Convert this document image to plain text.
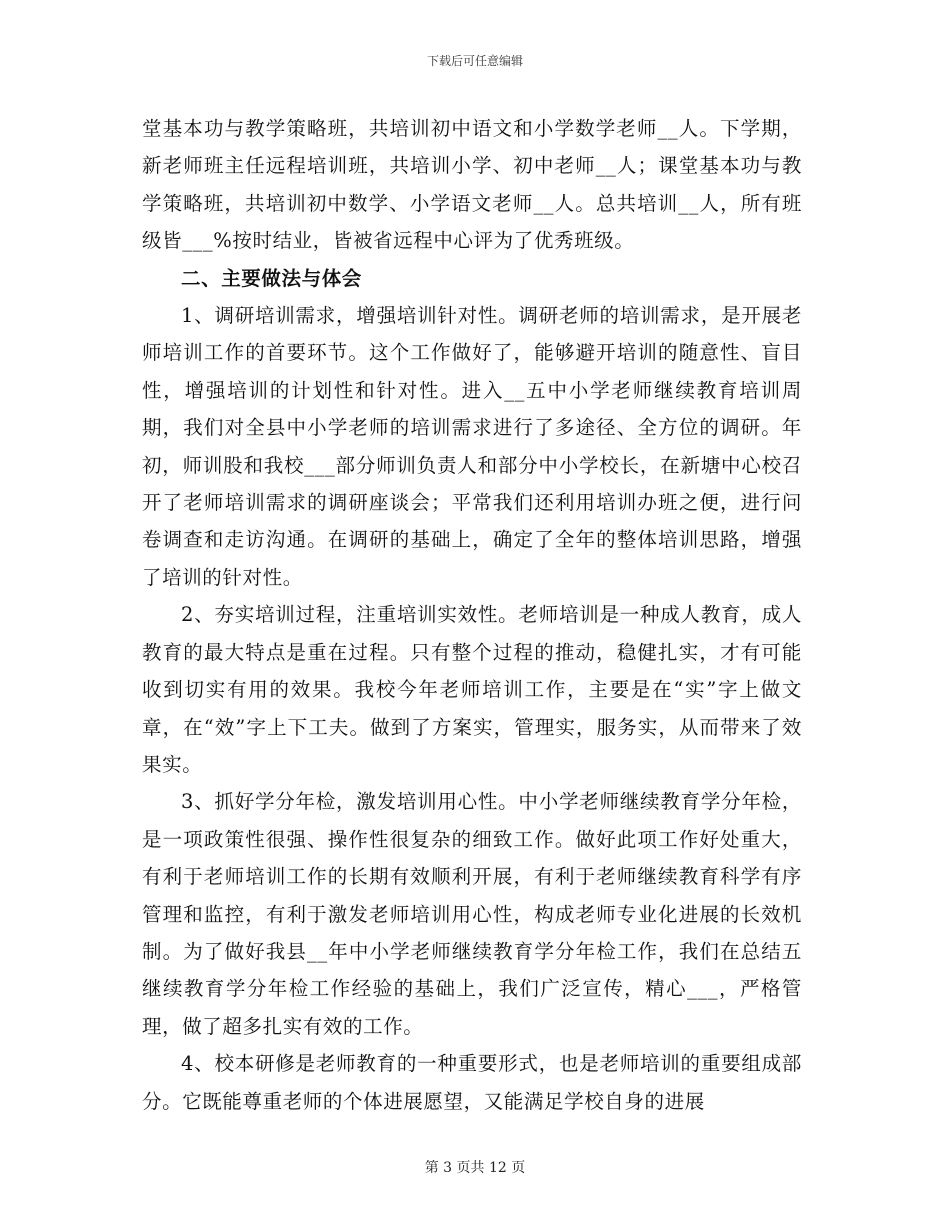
下载后可任意编辑

堂基本功与教学策略班，共培训初中语文和小学数学老师__人。下学期，新老师班主任远程培训班，共培训小学、初中老师__人；课堂基本功与教学策略班，共培训初中数学、小学语文老师__人。总共培训__人，所有班级皆___%按时结业，皆被省远程中心评为了优秀班级。

二、主要做法与体会

1、调研培训需求，增强培训针对性。调研老师的培训需求，是开展老师培训工作的首要环节。这个工作做好了，能够避开培训的随意性、盲目性，增强培训的计划性和针对性。进入__五中小学老师继续教育培训周期，我们对全县中小学老师的培训需求进行了多途径、全方位的调研。年初，师训股和我校___部分师训负责人和部分中小学校长，在新塘中心校召开了老师培训需求的调研座谈会；平常我们还利用培训办班之便，进行问卷调查和走访沟通。在调研的基础上，确定了全年的整体培训思路，增强了培训的针对性。

2、夯实培训过程，注重培训实效性。老师培训是一种成人教育，成人教育的最大特点是重在过程。只有整个过程的推动，稳健扎实，才有可能收到切实有用的效果。我校今年老师培训工作，主要是在“实”字上做文章，在“效”字上下工夫。做到了方案实，管理实，服务实，从而带来了效果实。

3、抓好学分年检，激发培训用心性。中小学老师继续教育学分年检，是一项政策性很强、操作性很复杂的细致工作。做好此项工作好处重大，有利于老师培训工作的长期有效顺利开展，有利于老师继续教育科学有序管理和监控，有利于激发老师培训用心性，构成老师专业化进展的长效机制。为了做好我县__年中小学老师继续教育学分年检工作，我们在总结五继续教育学分年检工作经验的基础上，我们广泛宣传，精心___，严格管理，做了超多扎实有效的工作。

4、校本研修是老师教育的一种重要形式，也是老师培训的重要组成部分。它既能尊重老师的个体进展愿望，又能满足学校自身的进展

第 3 页共 12 页
